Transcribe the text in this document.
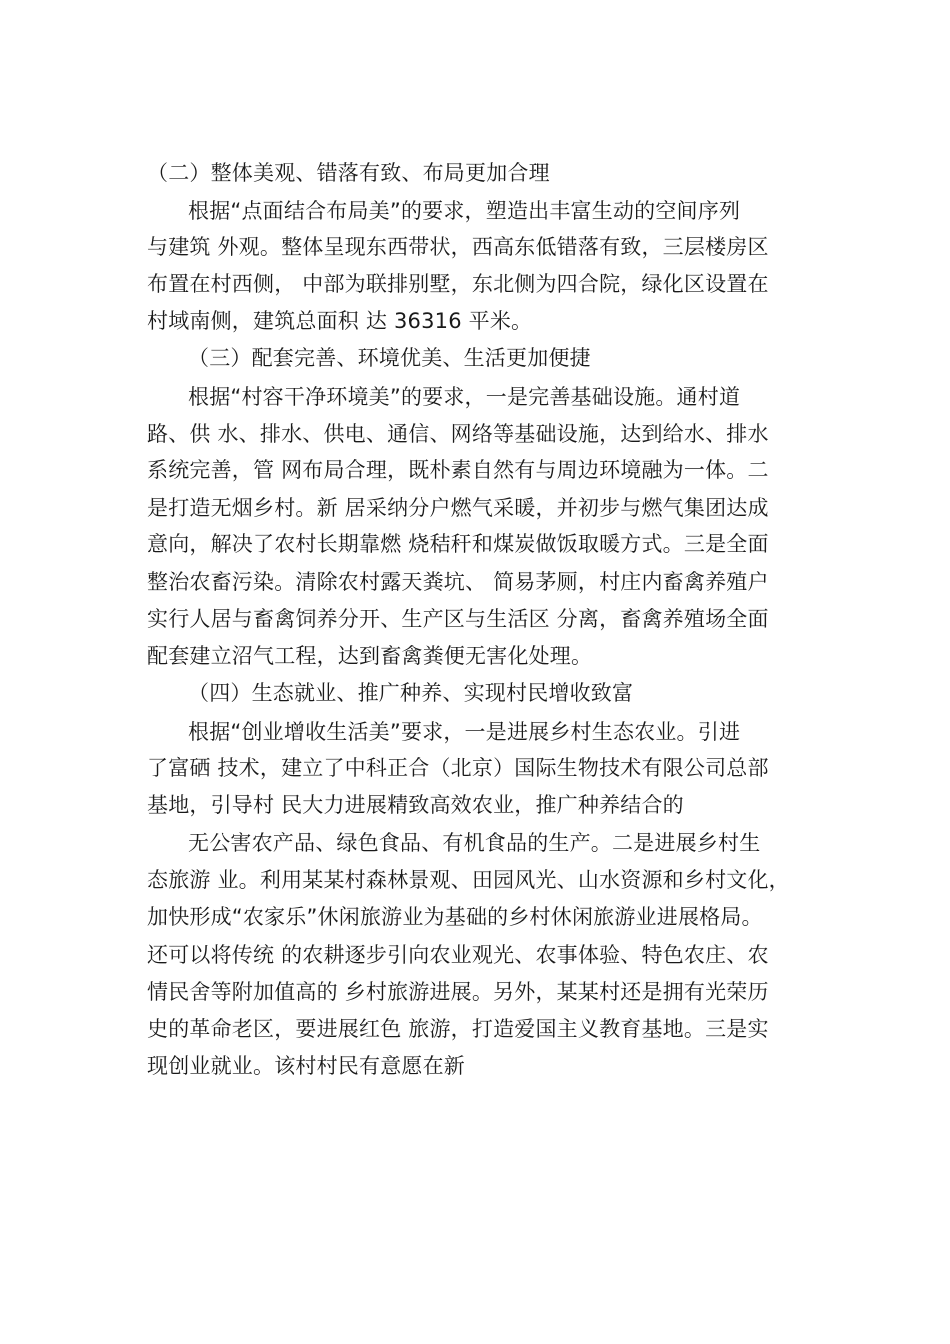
（二）整体美观、错落有致、布局更加合理
根据“点面结合布局美”的要求，塑造出丰富生动的空间序列
与建筑 外观。整体呈现东西带状，西高东低错落有致，三层楼房区
布置在村西侧， 中部为联排别墅，东北侧为四合院，绿化区设置在
村域南侧，建筑总面积 达 36316 平米。
（三）配套完善、环境优美、生活更加便捷
根据“村容干净环境美”的要求，一是完善基础设施。通村道
路、供 水、排水、供电、通信、网络等基础设施，达到给水、排水
系统完善，管 网布局合理，既朴素自然有与周边环境融为一体。二
是打造无烟乡村。新 居采纳分户燃气采暖，并初步与燃气集团达成
意向，解决了农村长期靠燃 烧秸秆和煤炭做饭取暖方式。三是全面
整治农畜污染。清除农村露天粪坑、 简易茅厕，村庄内畜禽养殖户
实行人居与畜禽饲养分开、生产区与生活区 分离，畜禽养殖场全面
配套建立沼气工程，达到畜禽粪便无害化处理。
（四）生态就业、推广种养、实现村民增收致富
根据“创业增收生活美”要求，一是进展乡村生态农业。引进
了富硒 技术，建立了中科正合（北京）国际生物技术有限公司总部
基地，引导村 民大力进展精致高效农业，推广种养结合的
无公害农产品、绿色食品、有机食品的生产。二是进展乡村生
态旅游 业。利用某某村森林景观、田园风光、山水资源和乡村文化，
加快形成“农家乐”休闲旅游业为基础的乡村休闲旅游业进展格局。
还可以将传统 的农耕逐步引向农业观光、农事体验、特色农庄、农
情民舍等附加值高的 乡村旅游进展。另外，某某村还是拥有光荣历
史的革命老区，要进展红色 旅游，打造爱国主义教育基地。三是实
现创业就业。该村村民有意愿在新
